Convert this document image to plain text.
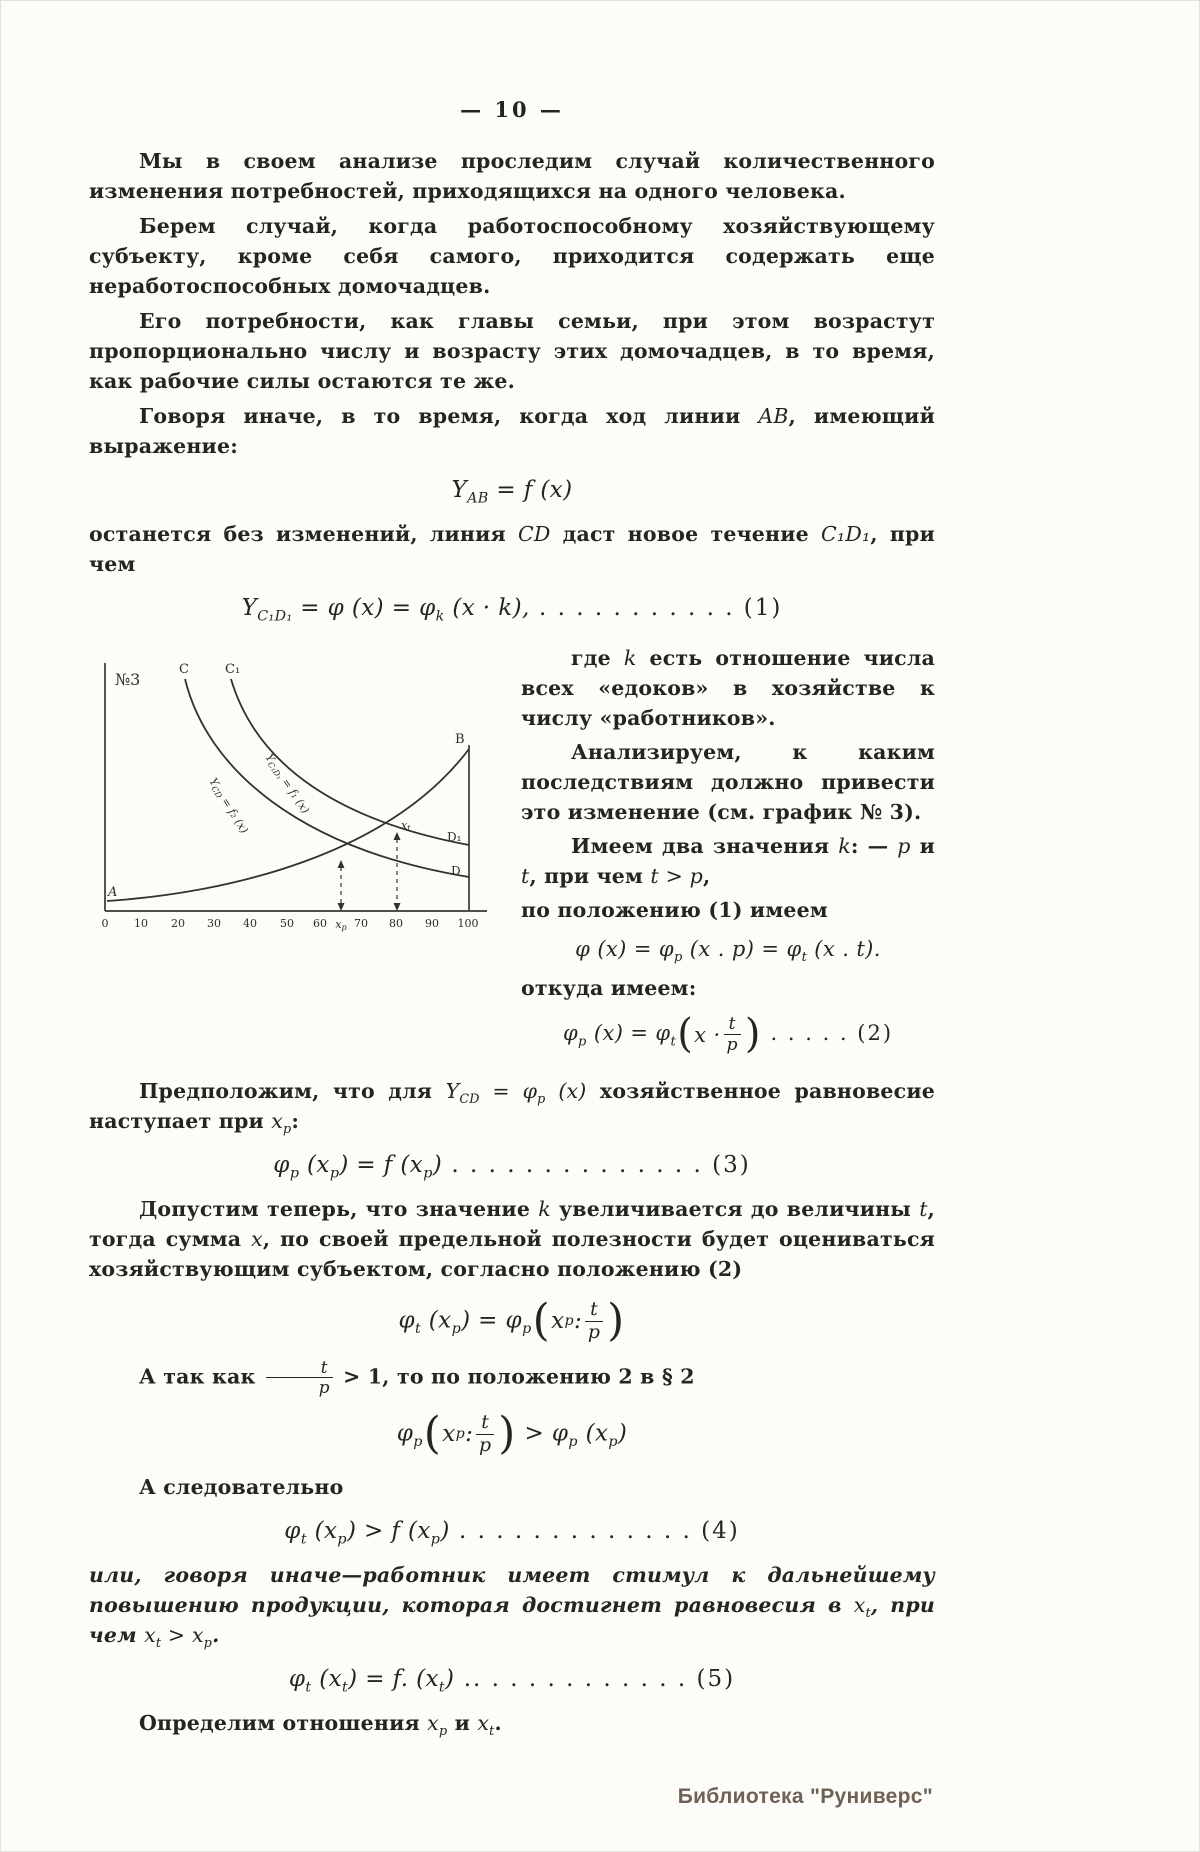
— 10 —

Мы в своем анализе проследим случай количественного изменения потребностей, приходящихся на одного человека.

Берем случай, когда работоспособному хозяйствующему субъекту, кроме себя самого, приходится содержать еще неработоспособных домочадцев.

Его потребности, как главы семьи, при этом возрастут пропорционально числу и возрасту этих домочадцев, в то время, как рабочие силы остаются те же.

Говоря иначе, в то время, когда ход линии AB, имеющий выражение:

$Y_{AB} = f$ (x)

останется без изменений, линия CD даст новое течение C₁D₁, при чем

$Y_{C_1D_1} = \varphi$ $(x) = \varphi_k$ (x · k), . . . . . . . . . . . (1)
№3
C	C₁
B
D₁
D
A
xt
YC₁D₁ = f₁ (x)
YCD = f₂ (x)
0 10 20 30 40 50 60 xp 70 80 90 100

где k есть отношение числа всех «едоков» в хозяйстве к числу «работников».

Анализируем, к каким последствиям должно привести это изменение (см. график № 3).

Имеем два значения k: — p и t, при чем t > p,

по положению (1) имеем

φ $(x) = \varphi_p$ (x . $p) = \varphi_t$ (x . t).

откуда имеем:

$\varphi_p$ $(x) = \varphi_t$ ( $x \cdot \frac{t}{p}$ ) . . . . . (2)

Предположим, что для $Y_{CD} = \varphi_p$ (x) хозяйственное равновесие наступает при $x_p$:

$\varphi_p$ $(x_p) = f$ $(x_p)$ . . . . . . . . . . . . . . (3)

Допустим теперь, что значение k увеличивается до величины t, тогда сумма x, по своей предельной полезности будет оцениваться хозяйствующим субъектом, согласно положению (2)

$\varphi_t$ $(x_p) = \varphi_p$ ( x p : $\frac{t}{p}$ )

А так как $\frac{t}{p} > 1$, то по положению 2 в § 2

$\varphi_p$ ( x p : $\frac{t}{p}$ ) > $\varphi_p$ $(x_p)$

А следовательно

$\varphi_t$ $(x_p) > f$ $(x_p)$ . . . . . . . . . . . . . (4)

или, говоря иначе—работник имеет стимул к дальнейшему повышению продукции, которая достигнет равновесия в $x_t$, при чем $x_t > x_p$.

$\varphi_t$ $(x_t) = f$. $(x_t)$ .. . . . . . . . . . . . (5)

Определим отношения $x_p$ и $x_t$.

Библиотека "Руниверс"
